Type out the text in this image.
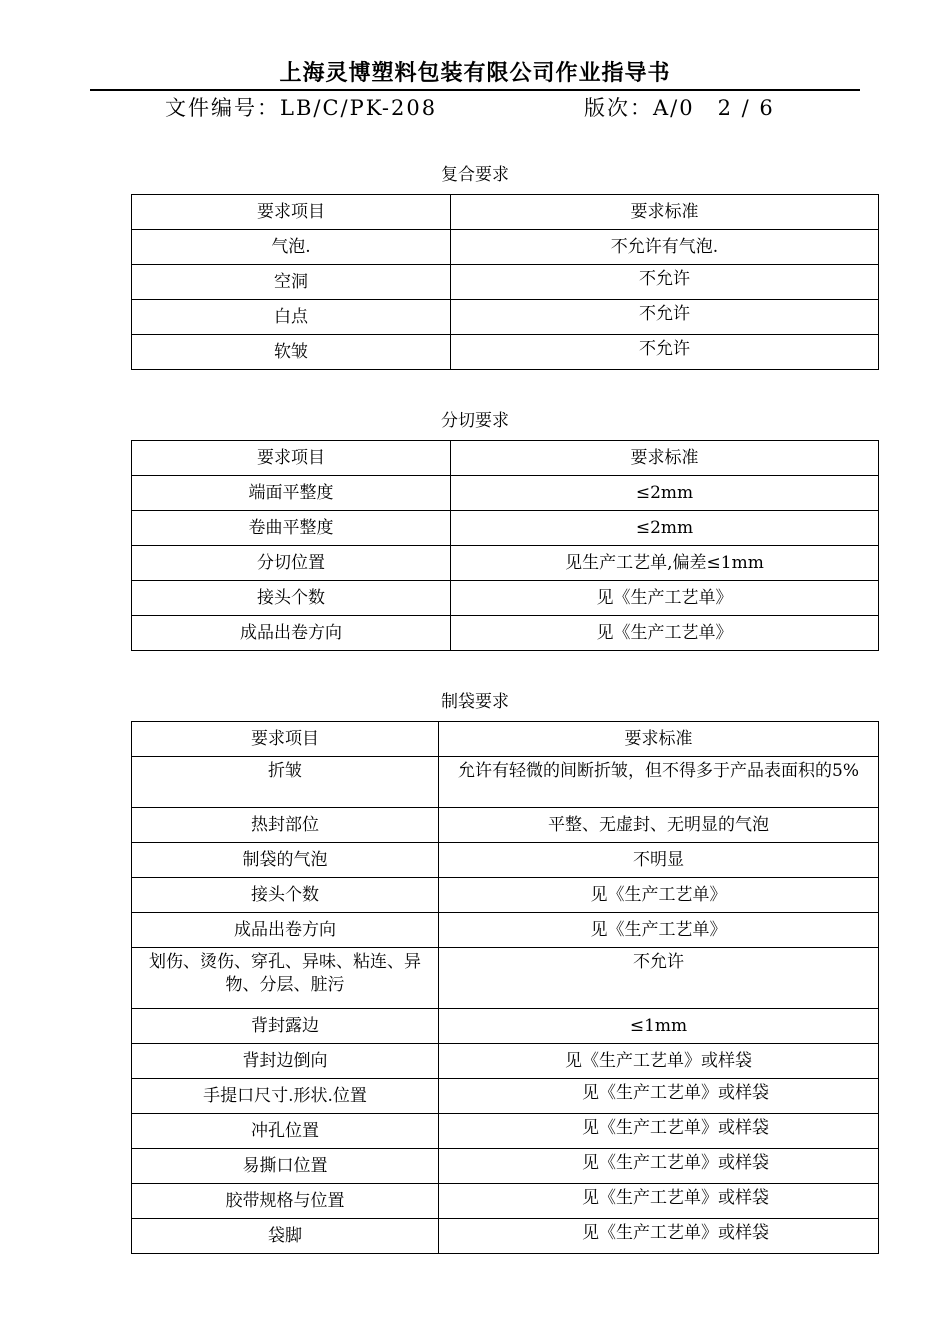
上海灵博塑料包装有限公司作业指导书
文件编号：LB/C/PK-208	版次：A/0　2 / 6
复合要求
要求项目	要求标准
气泡.	不允许有气泡.
空洞	不允许
白点	不允许
软皱	不允许
分切要求
要求项目	要求标准
端面平整度	≤2mm
卷曲平整度	≤2mm
分切位置	见生产工艺单,偏差≤1mm
接头个数	见《生产工艺单》
成品出卷方向	见《生产工艺单》
制袋要求
要求项目	要求标准
折皱	允许有轻微的间断折皱，但不得多于产品表面积的5%
热封部位	平整、无虚封、无明显的气泡
制袋的气泡	不明显
接头个数	见《生产工艺单》
成品出卷方向	见《生产工艺单》
划伤、烫伤、穿孔、异味、粘连、异物、分层、脏污	不允许
背封露边	≤1mm
背封边倒向	见《生产工艺单》或样袋
手提口尺寸.形状.位置	见《生产工艺单》或样袋
冲孔位置	见《生产工艺单》或样袋
易撕口位置	见《生产工艺单》或样袋
胶带规格与位置	见《生产工艺单》或样袋
袋脚	见《生产工艺单》或样袋
